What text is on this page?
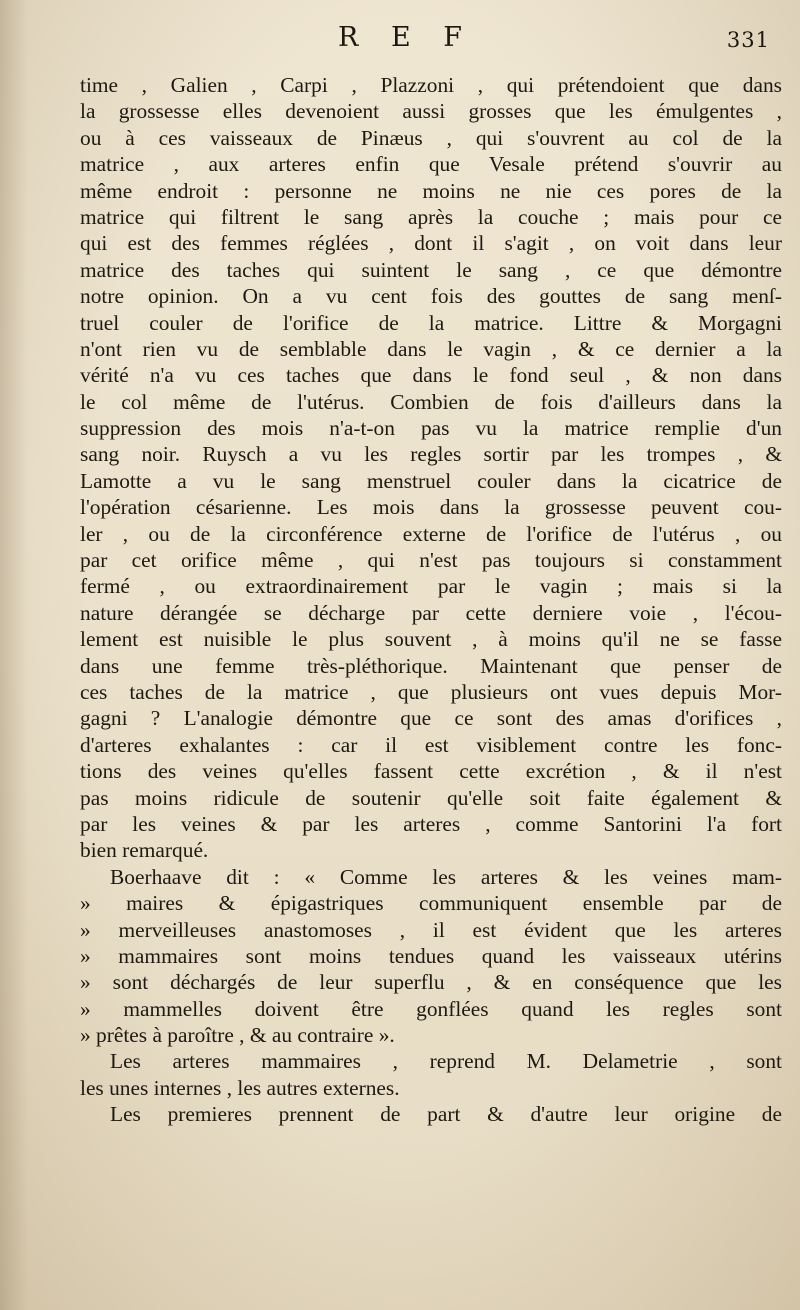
R E F	331
time , Galien , Carpi , Plazzoni , qui prétendoient que dans
la grossesse elles devenoient aussi grosses que les émulgentes ,
ou à ces vaisseaux de Pinæus , qui s'ouvrent au col de la
matrice , aux arteres enfin que Vesale prétend s'ouvrir au
même endroit : personne ne moins ne nie ces pores de la
matrice qui filtrent le sang après la couche ; mais pour ce
qui est des femmes réglées , dont il s'agit , on voit dans leur
matrice des taches qui suintent le sang , ce que démontre
notre opinion. On a vu cent fois des gouttes de sang menſ-
truel couler de l'orifice de la matrice. Littre & Morgagni
n'ont rien vu de semblable dans le vagin , & ce dernier a la
vérité n'a vu ces taches que dans le fond seul , & non dans
le col même de l'utérus. Combien de fois d'ailleurs dans la
suppression des mois n'a-t-on pas vu la matrice remplie d'un
sang noir. Ruysch a vu les regles sortir par les trompes , &
Lamotte a vu le sang menstruel couler dans la cicatrice de
l'opération césarienne. Les mois dans la grossesse peuvent cou-
ler , ou de la circonférence externe de l'orifice de l'utérus , ou
par cet orifice même , qui n'est pas toujours si constamment
fermé , ou extraordinairement par le vagin ; mais si la
nature dérangée se décharge par cette derniere voie , l'écou-
lement est nuisible le plus souvent , à moins qu'il ne se fasse
dans une femme très-pléthorique. Maintenant que penser de
ces taches de la matrice , que plusieurs ont vues depuis Mor-
gagni ? L'analogie démontre que ce sont des amas d'orifices ,
d'arteres exhalantes : car il est visiblement contre les fonc-
tions des veines qu'elles fassent cette excrétion , & il n'est
pas moins ridicule de soutenir qu'elle soit faite également &
par les veines & par les arteres , comme Santorini l'a fort
bien remarqué.
Boerhaave dit : « Comme les arteres & les veines mam-
» maires & épigastriques communiquent ensemble par de
» merveilleuses anastomoses , il est évident que les arteres
» mammaires sont moins tendues quand les vaisseaux utérins
» sont déchargés de leur superflu , & en conséquence que les
» mammelles doivent être gonflées quand les regles sont
» prêtes à paroître , & au contraire ».
Les arteres mammaires , reprend M. Delametrie , sont
les unes internes , les autres externes.
Les premieres prennent de part & d'autre leur origine de
